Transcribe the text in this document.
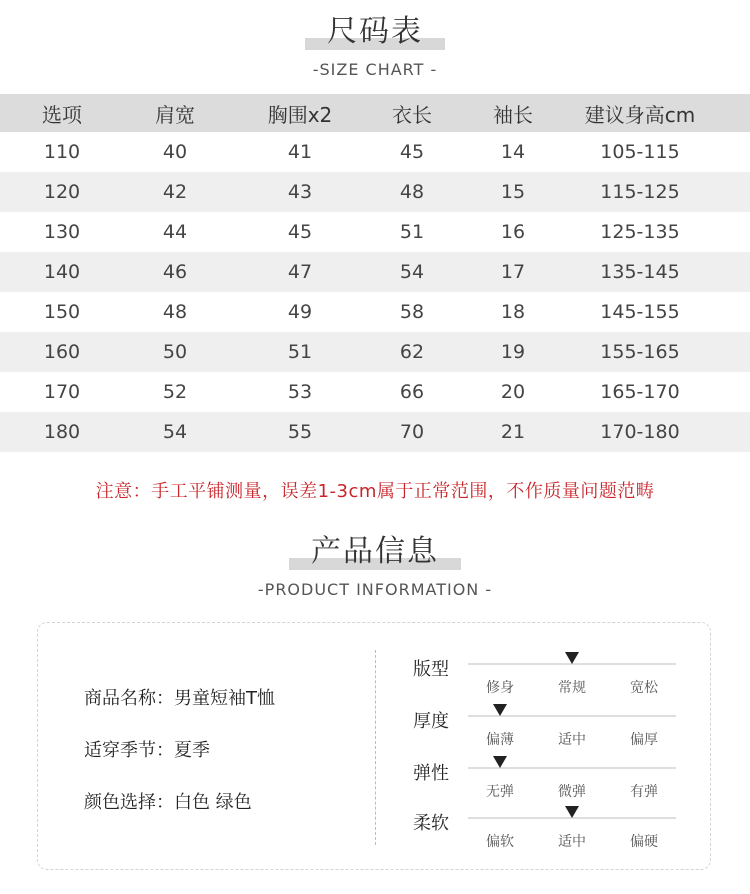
尺码表
-SIZE CHART -
选项	肩宽	胸围x2	衣长	袖长	建议身高cm
110	40	41	45	14	105-115
120	42	43	48	15	115-125
130	44	45	51	16	125-135
140	46	47	54	17	135-145
150	48	49	58	18	145-155
160	50	51	62	19	155-165
170	52	53	66	20	165-170
180	54	55	70	21	170-180
注意：手工平铺测量，误差1-3cm属于正常范围，不作质量问题范畴
产品信息
-PRODUCT INFORMATION -
商品名称：男童短袖T恤
适穿季节：夏季
颜色选择：白色 绿色
版型
修身	常规	宽松
厚度
偏薄	适中	偏厚
弹性
无弹	微弹	有弹
柔软
偏软	适中	偏硬
